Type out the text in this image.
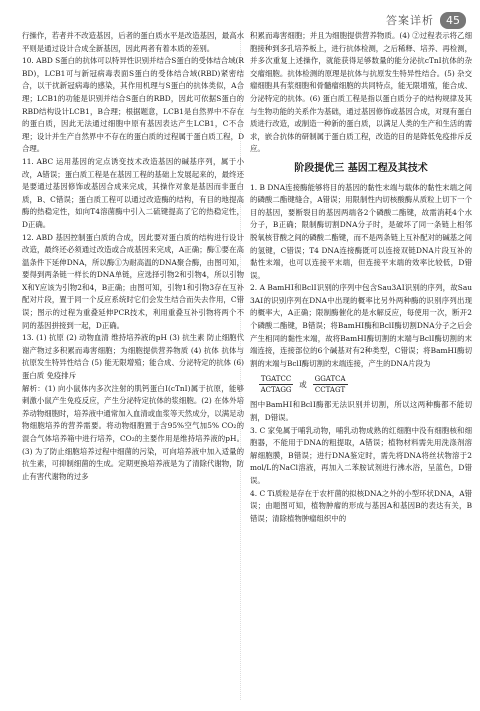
答案详析	45

行操作，若者并不改造基因，后者的蛋白质水平是改造基因，最高水平则是通过设计合成全新基因，因此两者有着本质的差别。

10. ABD S蛋白的抗体可以特异性识别并结合S蛋白的受体结合域(RBD)，LCB1可与新冠病毒表面S蛋白的受体结合域(RBD)紧密结合，以干扰新冠病毒的感染，其作用机理与S蛋白的抗体类似，A合理；LCB1的功能是识别并结合S蛋白的RBD，因此可依据S蛋白的RBD结构设计LCB1，B合理；根据题意，LCB1是自然界中不存在的蛋白质，因此无法通过细胞中原有基因表达产生LCB1，C不合理；设计并生产自然界中不存在的蛋白质的过程属于蛋白质工程，D合理。

11. ABC 运用基因的定点诱变技术改造基因的碱基序列，属于小改，A错误；蛋白质工程是在基因工程的基础上发展起来的，最终还是要通过基因修饰或基因合成来完成，其操作对象是基因而非蛋白质，B、C错误；蛋白质工程可以通过改造酶的结构，有目的地提高酶的热稳定性，如向T4溶菌酶中引入二硫键提高了它的热稳定性，D正确。

12. ABD 基因控制蛋白质的合成，因此要对蛋白质的结构进行设计改造，最终还必须通过改造或合成基因来完成，A正确；酶①要在高温条件下延伸DNA，所以酶①为耐高温的DNA聚合酶，由图可知，要得到两条链一样长的DNA单链，应选择引物2和引物4，所以引物X和Y应该为引物2和4，B正确；由图可知，引物1和引物3存在互补配对片段，置于同一个反应系统时它们会发生结合而失去作用，C错误；图示的过程为重叠延伸PCR技术，利用重叠互补引物将两个不同的基因拼接到一起，D正确。

13. (1) 抗原 (2) 动物血清 维持培养液的pH (3) 抗生素 防止细胞代谢产物过多积累而毒害细胞；为细胞提供营养物质 (4) 抗体 抗体与抗原发生特异性结合 (5) 能无限增殖；能合成、分泌特定的抗体 (6) 蛋白质 免疫排斥

解析：(1) 向小鼠体内多次注射的肌钙蛋白I(cTnI)属于抗原，能够刺激小鼠产生免疫反应，产生分泌特定抗体的浆细胞。(2) 在体外培养动物细胞时，培养液中通常加入血清或血浆等天然成分，以满足动物细胞培养的营养需要。将动物细胞置于含95%空气加5% CO₂的混合气体培养箱中进行培养，CO₂的主要作用是维持培养液的pH。(3) 为了防止细胞培养过程中细菌的污染，可向培养液中加入适量的抗生素，可抑制细菌的生成。定期更换培养液是为了清除代谢物，防止有害代谢物的过多

积累而毒害细胞；并且为细胞提供营养物质。(4) ②过程表示将乙细胞接种到多孔培养板上，进行抗体检测，之后稀释、培养、再检测，并多次重复上述操作，就能获得足够数量的能分泌抗cTnI抗体的杂交瘤细胞。抗体检测的原理是抗体与抗原发生特异性结合。(5) 杂交瘤细胞具有浆细胞和骨髓瘤细胞的共同特点，能无限增殖，能合成、分泌特定的抗体。(6) 蛋白质工程是指以蛋白质分子的结构规律及其与生物功能的关系作为基础，通过基因修饰或基因合成，对现有蛋白质进行改造，或制造一种新的蛋白质，以满足人类的生产和生活的需求，嵌合抗体的研制属于蛋白质工程，改造的目的是降低免疫排斥反应。

阶段提优三 基因工程及其技术

1. B DNA连接酶能够将目的基因的黏性末端与载体的黏性末端之间的磷酸二酯键缝合，A错误；用限制性内切核酸酶从质粒上切下一个目的基因，要断裂目的基因两端各2个磷酸二酯键，故需消耗4个水分子，B正确；限制酶切割DNA分子时，是破坏了同一条链上相邻脱氧核苷酸之间的磷酸二酯键，而不是两条链上互补配对的碱基之间的氢键，C错误；T4 DNA连接酶既可以连接双链DNA片段互补的黏性末端，也可以连接平末端，但连接平末端的效率比较低，D错误。

2. A BamHⅠ和BclⅠ识别的序列中包含Sau3AⅠ识别的序列，故Sau3AⅠ的识别序列在DNA中出现的概率比另外两种酶的识别序列出现的概率大，A正确；限制酶催化的是水解反应，每使用一次，断开2个磷酸二酯键，B错误；将BamHⅠ酶和BclⅠ酶切割DNA分子之后会产生相同的黏性末端，故将BamHⅠ酶切割的末端与BclⅠ酶切割的末端连接，连接部位的6个碱基对有2种类型，C错误；将BamHⅠ酶切割的末端与BclⅠ酶切割的末端连接，产生的DNA片段为

$\frac{\text{TGATCC}}{\text{ACTAGG}}$ 或 $\frac{\text{GGATCA}}{\text{CCTAGT}}$

图中BamHⅠ和BclⅠ酶都无法识别并切割，所以这两种酶都不能切割，D错误。

3. C 家兔属于哺乳动物，哺乳动物成熟的红细胞中没有细胞核和细胞器，不能用于DNA的粗提取，A错误；植物材料需先用洗涤剂溶解细胞膜，B错误；进行DNA鉴定时，需先将DNA将丝状物溶于2 mol/L的NaCl溶液，再加入二苯胺试剂进行沸水浴，呈蓝色，D错误。

4. C Ti质粒是存在于农杆菌的拟核DNA之外的小型环状DNA，A错误；由题图可知，植物肿瘤的形成与基因A和基因B的表达有关，B错误；清除植物肿瘤组织中的
